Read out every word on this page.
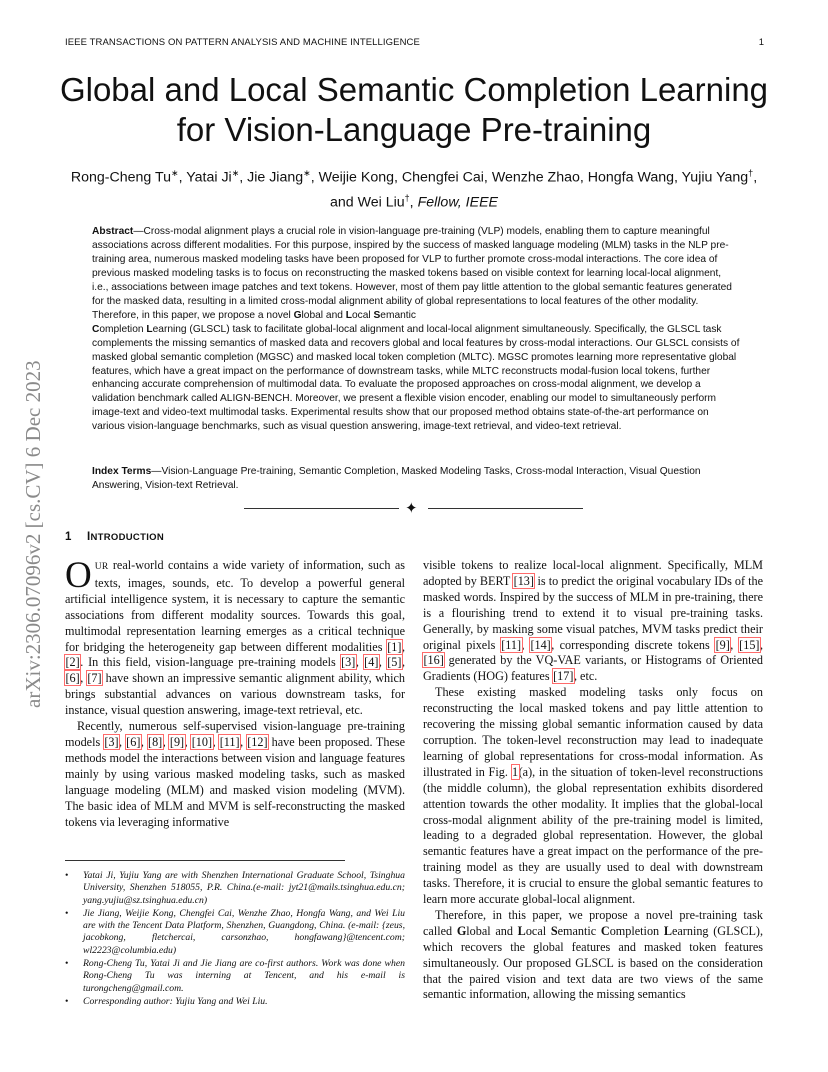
IEEE TRANSACTIONS ON PATTERN ANALYSIS AND MACHINE INTELLIGENCE	1
arXiv:2306.07096v2 [cs.CV] 6 Dec 2023
Global and Local Semantic Completion Learning
for Vision-Language Pre-training
Rong-Cheng Tu∗, Yatai Ji∗, Jie Jiang∗, Weijie Kong, Chengfei Cai, Wenzhe Zhao, Hongfa Wang, Yujiu Yang†, and Wei Liu†, Fellow, IEEE
Abstract—Cross-modal alignment plays a crucial role in vision-language pre-training (VLP) models, enabling them to capture meaningful associations across different modalities. For this purpose, inspired by the success of masked language modeling (MLM) tasks in the NLP pre-training area, numerous masked modeling tasks have been proposed for VLP to further promote cross-modal interactions. The core idea of previous masked modeling tasks is to focus on reconstructing the masked tokens based on visible context for learning local-local alignment, i.e., associations between image patches and text tokens. However, most of them pay little attention to the global semantic features generated for the masked data, resulting in a limited cross-modal alignment ability of global representations to local features of the other modality. Therefore, in this paper, we propose a novel Global and Local Semantic
Completion Learning (GLSCL) task to facilitate global-local alignment and local-local alignment simultaneously. Specifically, the GLSCL task complements the missing semantics of masked data and recovers global and local features by cross-modal interactions. Our GLSCL consists of masked global semantic completion (MGSC) and masked local token completion (MLTC). MGSC promotes learning more representative global features, which have a great impact on the performance of downstream tasks, while MLTC reconstructs modal-fusion local tokens, further enhancing accurate comprehension of multimodal data. To evaluate the proposed approaches on cross-modal alignment, we develop a validation benchmark called ALIGN-BENCH. Moreover, we present a flexible vision encoder, enabling our model to simultaneously perform image-text and video-text multimodal tasks. Experimental results show that our proposed method obtains state-of-the-art performance on various vision-language benchmarks, such as visual question answering, image-text retrieval, and video-text retrieval.
Index Terms—Vision-Language Pre-training, Semantic Completion, Masked Modeling Tasks, Cross-modal Interaction, Visual Question Answering, Vision-text Retrieval.
✦
1 INTRODUCTION

OUR real-world contains a wide variety of information, such as texts, images, sounds, etc. To develop a powerful general artificial intelligence system, it is necessary to capture the semantic associations from different modality sources. Towards this goal, multimodal representation learning emerges as a critical technique for bridging the heterogeneity gap between different modalities [1], [2]. In this field, vision-language pre-training models [3], [4], [5], [6], [7] have shown an impressive semantic alignment ability, which brings substantial advances on various downstream tasks, for instance, visual question answering, image-text retrieval, etc.

Recently, numerous self-supervised vision-language pre-training models [3], [6], [8], [9], [10], [11], [12] have been proposed. These methods model the interactions between vision and language features mainly by using various masked modeling tasks, such as masked language modeling (MLM) and masked vision modeling (MVM). The basic idea of MLM and MVM is self-reconstructing the masked tokens via leveraging informative

• Yatai Ji, Yujiu Yang are with Shenzhen International Graduate School, Tsinghua University, Shenzhen 518055, P.R. China.(e-mail: jyt21@mails.tsinghua.edu.cn; yang.yujiu@sz.tsinghua.edu.cn)
• Jie Jiang, Weijie Kong, Chengfei Cai, Wenzhe Zhao, Hongfa Wang, and Wei Liu are with the Tencent Data Platform, Shenzhen, Guangdong, China. (e-mail: {zeus, jacobkong, fletchercai, carsonzhao, hongfawang}@tencent.com; wl2223@columbia.edu)
• Rong-Cheng Tu, Yatai Ji and Jie Jiang are co-first authors. Work was done when Rong-Cheng Tu was interning at Tencent, and his e-mail is turongcheng@gmail.com.
• Corresponding author: Yujiu Yang and Wei Liu.

visible tokens to realize local-local alignment. Specifically, MLM adopted by BERT [13] is to predict the original vocabulary IDs of the masked words. Inspired by the success of MLM in pre-training, there is a flourishing trend to extend it to visual pre-training tasks. Generally, by masking some visual patches, MVM tasks predict their original pixels [11], [14], corresponding discrete tokens [9], [15], [16] generated by the VQ-VAE variants, or Histograms of Oriented Gradients (HOG) features [17], etc.

These existing masked modeling tasks only focus on reconstructing the local masked tokens and pay little attention to recovering the missing global semantic information caused by data corruption. The token-level reconstruction may lead to inadequate learning of global representations for cross-modal information. As illustrated in Fig. 1(a), in the situation of token-level reconstructions (the middle column), the global representation exhibits disordered attention towards the other modality. It implies that the global-local cross-modal alignment ability of the pre-training model is limited, leading to a degraded global representation. However, the global semantic features have a great impact on the performance of the pre-training model as they are usually used to deal with downstream tasks. Therefore, it is crucial to ensure the global semantic features to learn more accurate global-local alignment.

Therefore, in this paper, we propose a novel pre-training task called Global and Local Semantic Completion Learning (GLSCL), which recovers the global features and masked token features simultaneously. Our proposed GLSCL is based on the consideration that the paired vision and text data are two views of the same semantic information, allowing the missing semantics
